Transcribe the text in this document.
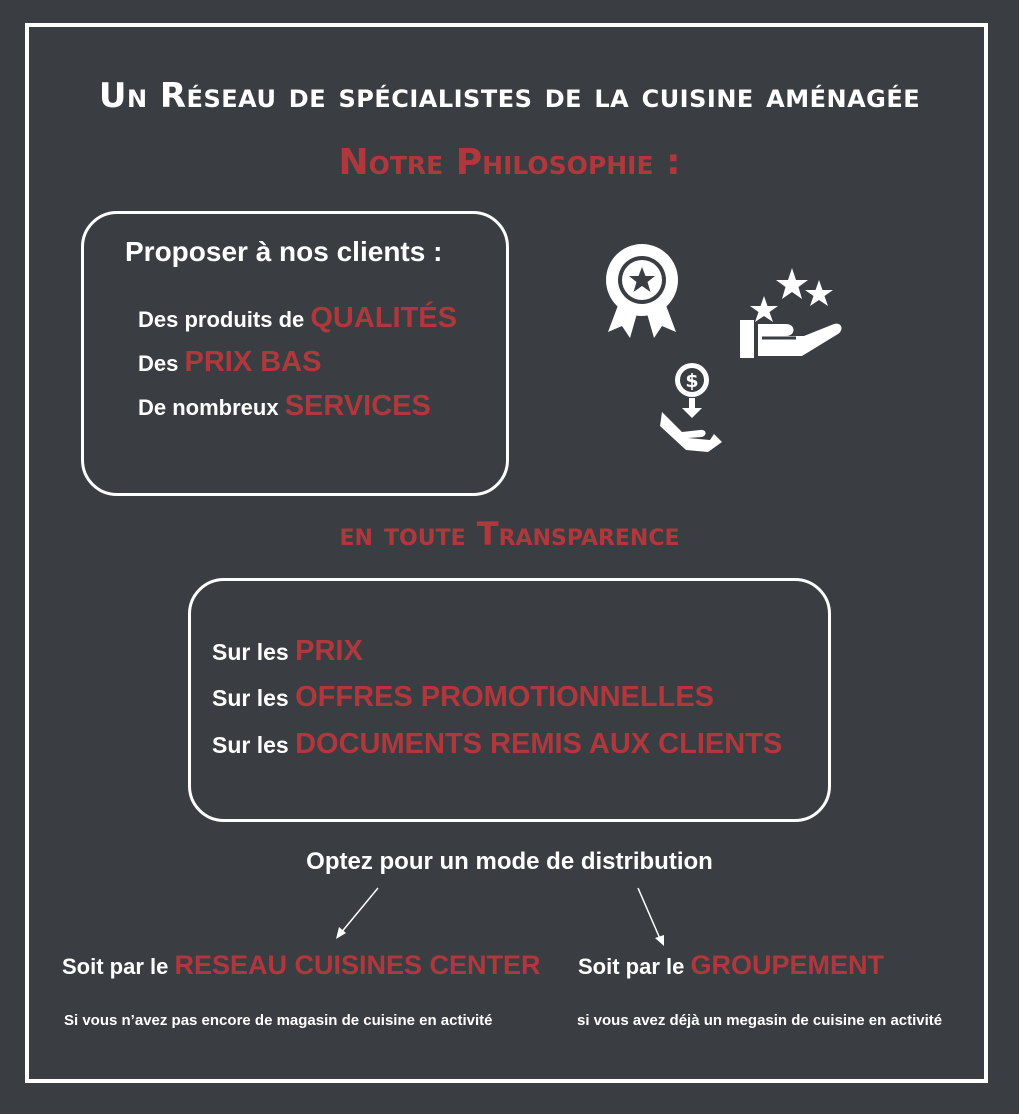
Un Réseau de spécialistes de la cuisine aménagée
Notre Philosophie :
Proposer à nos clients :
Des produits de QUALITÉS
Des PRIX BAS
De nombreux SERVICES
$
en toute Transparence
Sur les PRIX
Sur les OFFRES PROMOTIONNELLES
Sur les DOCUMENTS REMIS AUX CLIENTS
Optez pour un mode de distribution
Soit par le RESEAU CUISINES CENTER Soit par le GROUPEMENT
Si vous n’avez pas encore de magasin de cuisine en activité	si vous avez déjà un megasin de cuisine en activité
